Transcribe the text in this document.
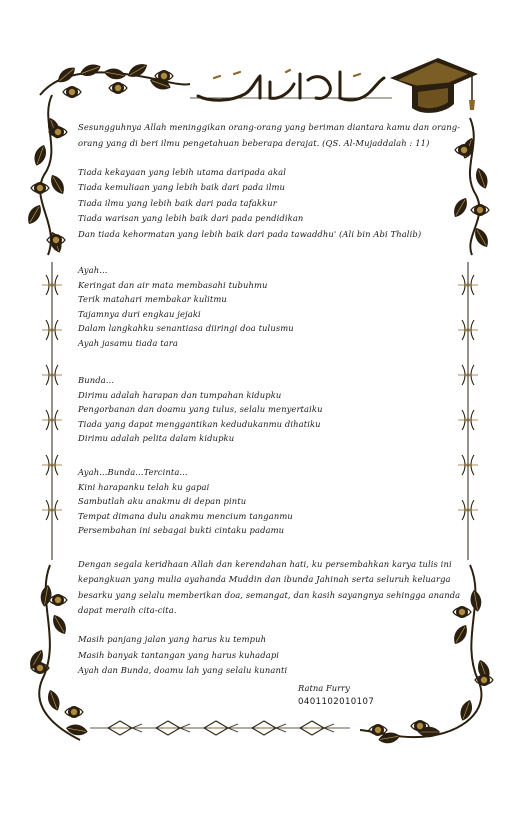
Sesungguhnya Allah meninggikan orang-orang yang beriman diantara kamu dan orang-
orang yang di beri ilmu pengetahuan beberapa derajat. (QS. Al-Mujaddalah : 11)
Tiada kekayaan yang lebih utama daripada akal
Tiada kemuliaan yang lebih baik dari pada ilmu
Tiada ilmu yang lebih baik dari pada tafakkur
Tiada warisan yang lebih baik dari pada pendidikan
Dan tiada kehormatan yang lebih baik dari pada tawaddhu' (Ali bin Abi Thalib)
Ayah...
Keringat dan air mata membasahi tubuhmu
Terik matahari membakar kulitmu
Tajamnya duri engkau jejaki
Dalam langkahku senantiasa diiringi doa tulusmu
Ayah jasamu tiada tara
Bunda...
Dirimu adalah harapan dan tumpahan kidupku
Pengorbanan dan doamu yang tulus, selalu menyertaiku
Tiada yang dapat menggantikan kedudukanmu dihatiku
Dirimu adalah pelita dalam kidupku
Ayah...Bunda...Tercinta...
Kini harapanku telah ku gapai
Sambutlah aku anakmu di depan pintu
Tempat dimana dulu anakmu mencium tanganmu
Persembahan ini sebagai bukti cintaku padamu
Dengan segala keridhaan Allah dan kerendahan hati, ku persembahkan karya tulis ini
kepangkuan yang mulia ayahanda Muddin dan ibunda Jahinah serta seluruh keluarga
besarku yang selalu memberikan doa, semangat, dan kasih sayangnya sehingga ananda
dapat meraih cita-cita.
Masih panjang jalan yang harus ku tempuh
Masih banyak tantangan yang harus kuhadapi
Ayah dan Bunda, doamu lah yang selalu kunanti
Ratna Furry
0401102010107
